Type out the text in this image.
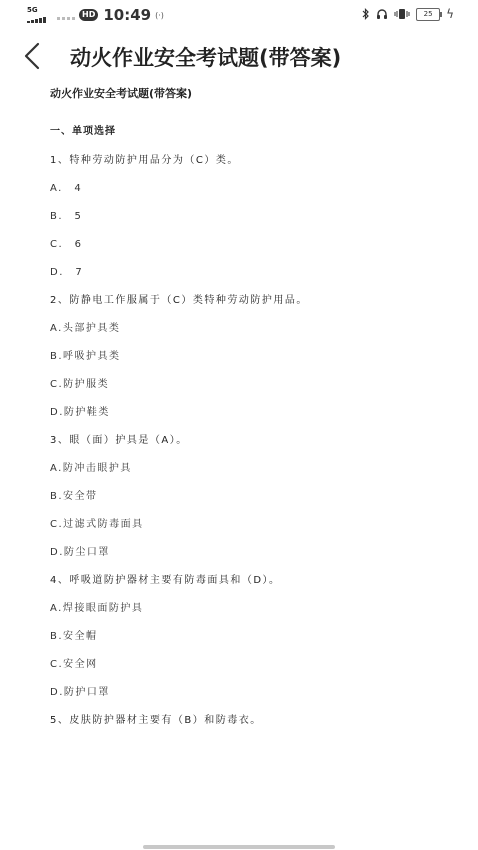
5G	HD 10:49 (·)	25	ϟ
动火作业安全考试题(带答案)
动火作业安全考试题(带答案)
一、单项选择
1、特种劳动防护用品分为（C）类。
A.　4
B.　5
C.　6
D.　7
2、防静电工作服属于（C）类特种劳动防护用品。
A.头部护具类
B.呼吸护具类
C.防护服类
D.防护鞋类
3、眼（面）护具是（A）。
A.防冲击眼护具
B.安全带
C.过滤式防毒面具
D.防尘口罩
4、呼吸道防护器材主要有防毒面具和（D）。
A.焊接眼面防护具
B.安全帽
C.安全网
D.防护口罩
5、皮肤防护器材主要有（B）和防毒衣。
